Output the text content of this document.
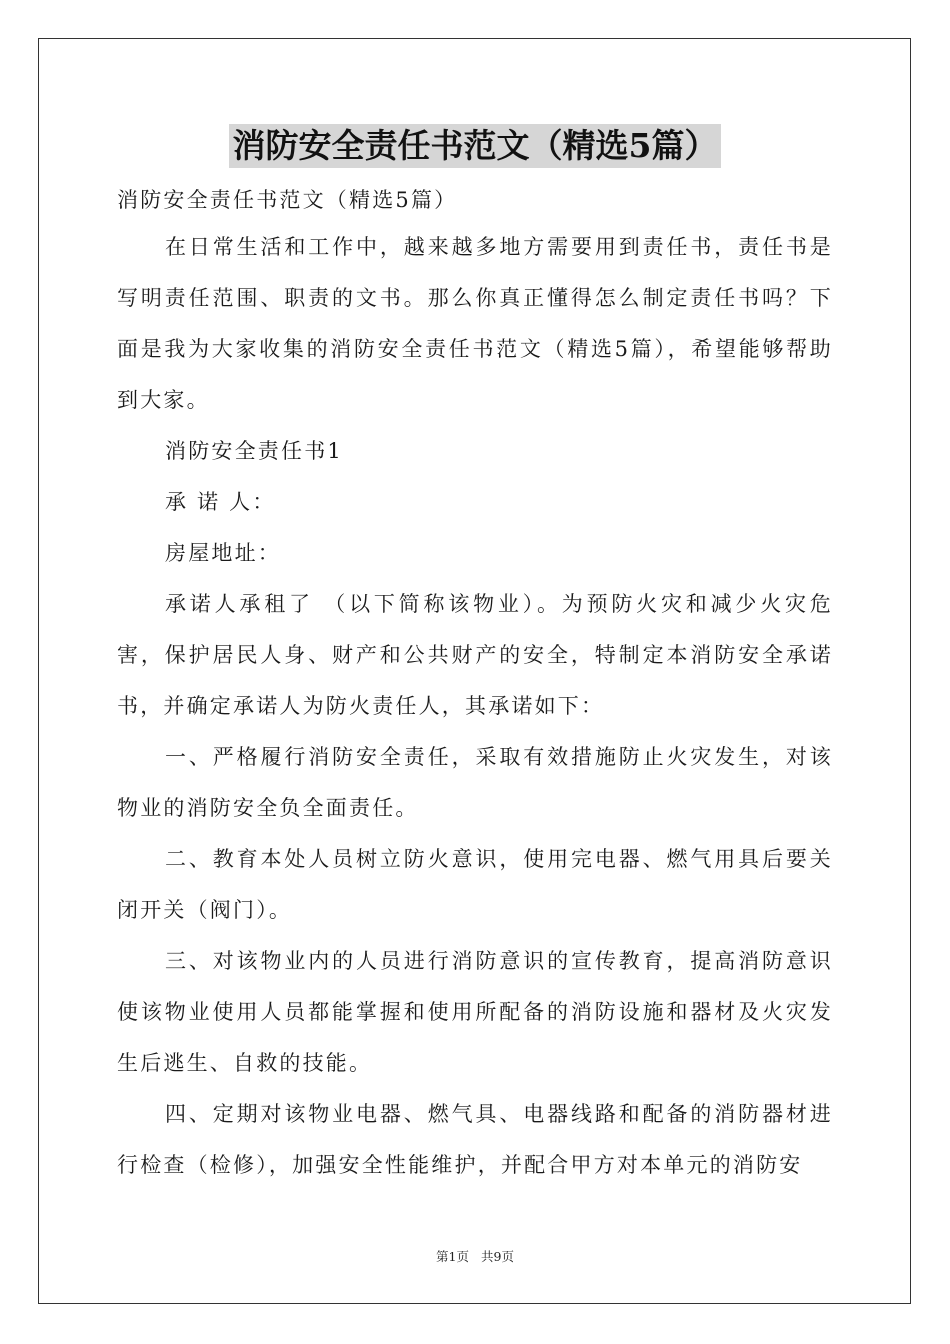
消防安全责任书范文（精选5篇）

消防安全责任书范文（精选5篇）

在日常生活和工作中，越来越多地方需要用到责任书，责任书是写明责任范围、职责的文书。那么你真正懂得怎么制定责任书吗？下面是我为大家收集的消防安全责任书范文（精选5篇），希望能够帮助到大家。

消防安全责任书1

承 诺 人：

房屋地址：

承诺人承租了 （以下简称该物业）。为预防火灾和减少火灾危害，保护居民人身、财产和公共财产的安全，特制定本消防安全承诺书，并确定承诺人为防火责任人，其承诺如下：

一、严格履行消防安全责任，采取有效措施防止火灾发生，对该物业的消防安全负全面责任。

二、教育本处人员树立防火意识，使用完电器、燃气用具后要关闭开关（阀门）。

三、对该物业内的人员进行消防意识的宣传教育，提高消防意识使该物业使用人员都能掌握和使用所配备的消防设施和器材及火灾发生后逃生、自救的技能。

四、定期对该物业电器、燃气具、电器线路和配备的消防器材进行检查（检修），加强安全性能维护，并配合甲方对本单元的消防安

第1页 共9页
